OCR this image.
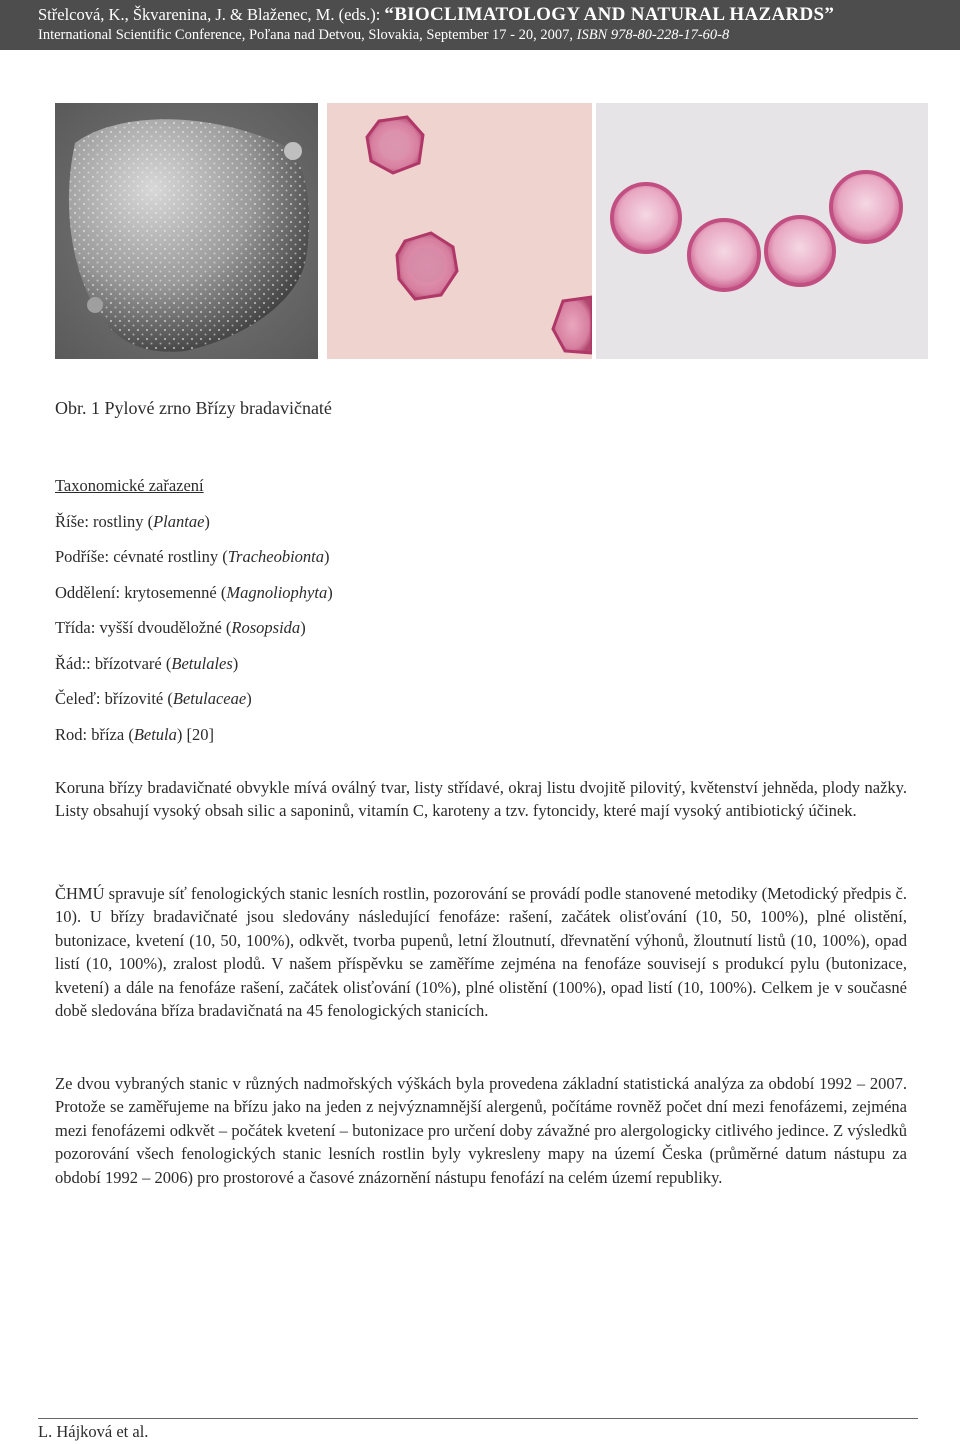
Střelcová, K., Škvarenina, J. & Blaženec, M. (eds.): “BIOCLIMATOLOGY AND NATURAL HAZARDS”
International Scientific Conference, Poľana nad Detvou, Slovakia, September 17 - 20, 2007, ISBN 978-80-228-17-60-8
Obr. 1 Pylové zrno Břízy bradavičnaté
Taxonomické zařazení
Říše: rostliny (Plantae)
Podříše: cévnaté rostliny (Tracheobionta)
Oddělení: krytosemenné (Magnoliophyta)
Třída: vyšší dvouděložné (Rosopsida)
Řád:: břízotvaré (Betulales)
Čeleď: břízovité (Betulaceae)
Rod: bříza (Betula) [20]

Koruna břízy bradavičnaté obvykle mívá oválný tvar, listy střídavé, okraj listu dvojitě pilovitý, květenství jehněda, plody nažky. Listy obsahují vysoký obsah silic a saponinů, vitamín C, karoteny a tzv. fytoncidy, které mají vysoký antibiotický účinek.

ČHMÚ spravuje síť fenologických stanic lesních rostlin, pozorování se provádí podle stanovené metodiky (Metodický předpis č. 10). U břízy bradavičnaté jsou sledovány následující fenofáze: rašení, začátek olisťování (10, 50, 100%), plné olistění, butonizace, kvetení (10, 50, 100%), odkvět, tvorba pupenů, letní žloutnutí, dřevnatění výhonů, žloutnutí listů (10, 100%), opad listí (10, 100%), zralost plodů. V našem příspěvku se zaměříme zejména na fenofáze souvisejí s produkcí pylu (butonizace, kvetení) a dále na fenofáze rašení, začátek olisťování (10%), plné olistění (100%), opad listí (10, 100%). Celkem je v současné době sledována bříza bradavičnatá na 45 fenologických stanicích.

Ze dvou vybraných stanic v různých nadmořských výškách byla provedena základní statistická analýza za období 1992 – 2007. Protože se zaměřujeme na břízu jako na jeden z nejvýznamnější alergenů, počítáme rovněž počet dní mezi fenofázemi, zejména mezi fenofázemi odkvět – počátek kvetení – butonizace pro určení doby závažné pro alergologicky citlivého jedince. Z výsledků pozorování všech fenologických stanic lesních rostlin byly vykresleny mapy na území Česka (průměrné datum nástupu za období 1992 – 2006) pro prostorové a časové znázornění nástupu fenofází na celém území republiky.

L. Hájková et al.
